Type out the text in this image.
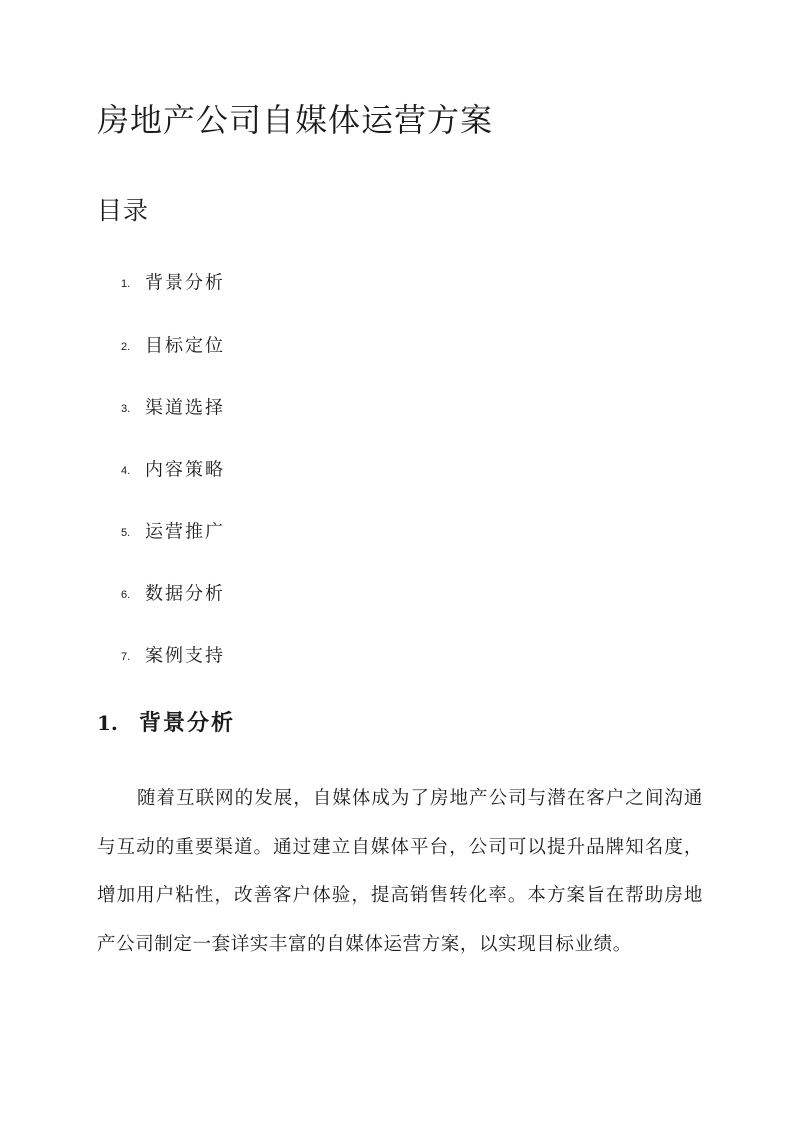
房地产公司自媒体运营方案
目录
1. 背景分析
2. 目标定位
3. 渠道选择
4. 内容策略
5. 运营推广
6. 数据分析
7. 案例支持
1. 背景分析

随着互联网的发展，自媒体成为了房地产公司与潜在客户之间沟通与互动的重要渠道。通过建立自媒体平台，公司可以提升品牌知名度，增加用户粘性，改善客户体验，提高销售转化率。本方案旨在帮助房地产公司制定一套详实丰富的自媒体运营方案，以实现目标业绩。
